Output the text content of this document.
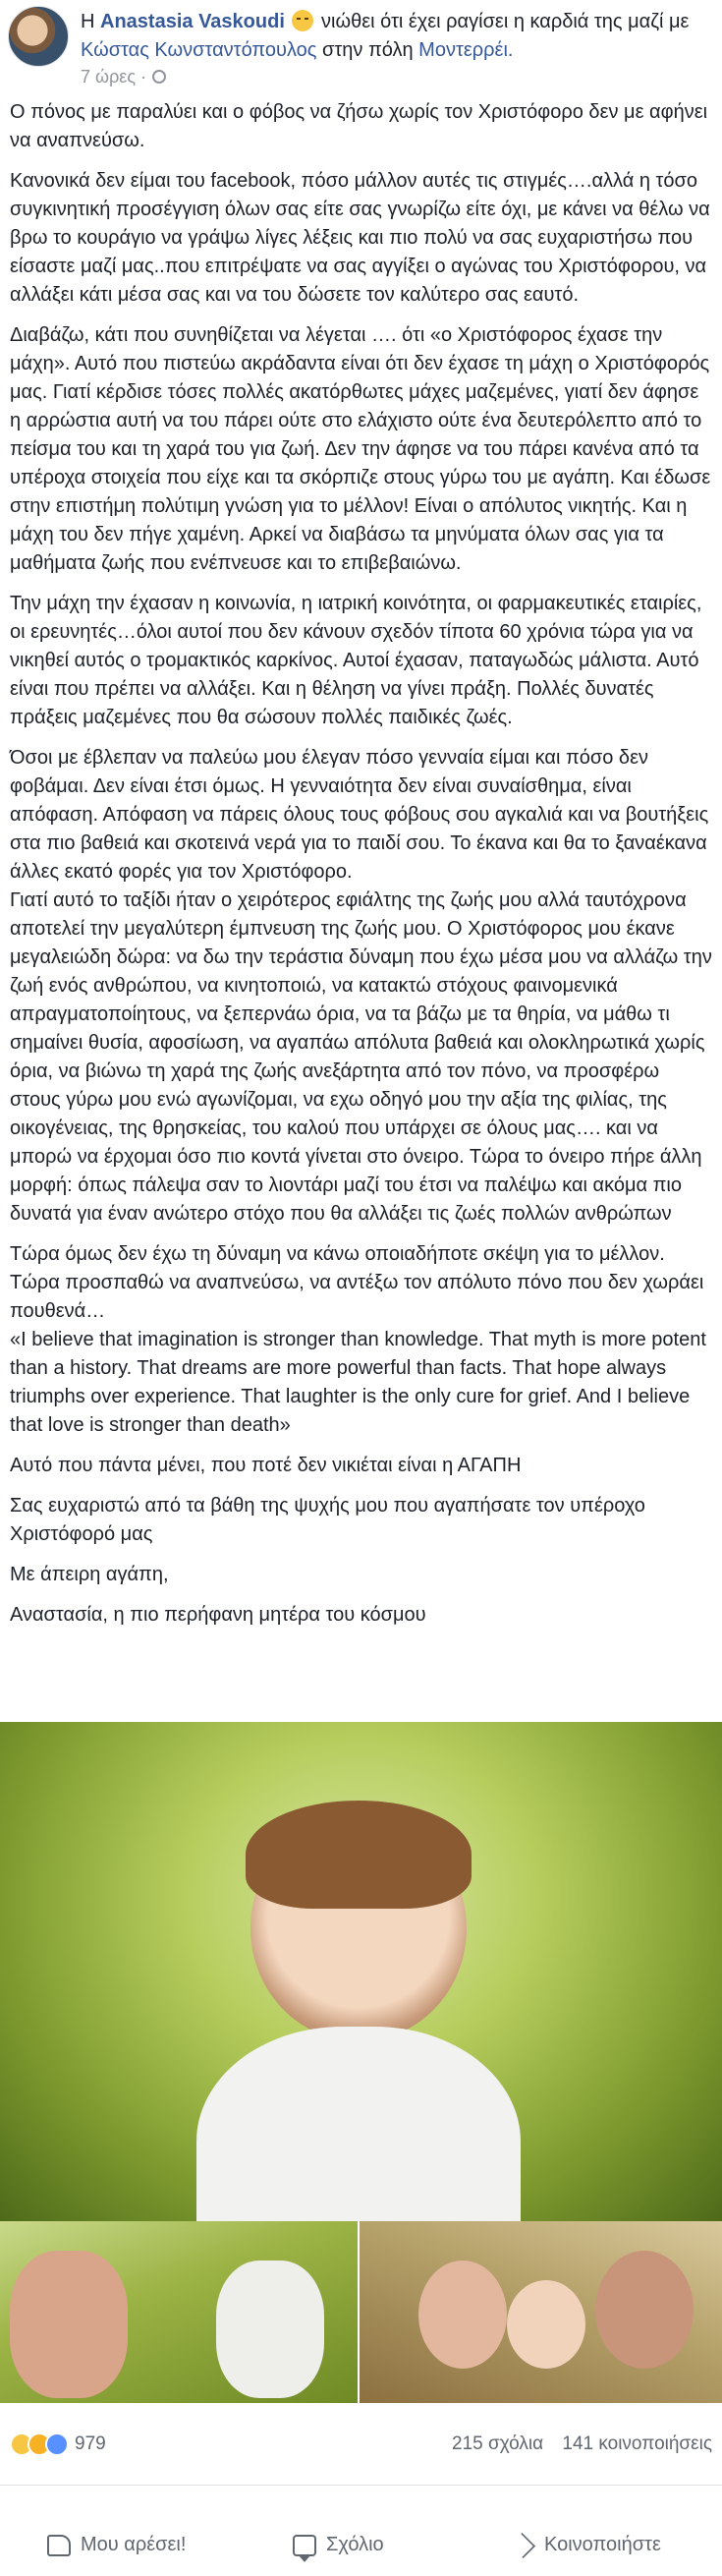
Η Anastasia Vaskoudi νιώθει ότι έχει ραγίσει η καρδιά της μαζί με Κώστας Κωνσταντόπουλος στην πόλη Μοντερρέι.
7 ώρες ·

Ο πόνος με παραλύει και ο φόβος να ζήσω χωρίς τον Χριστόφορο δεν με αφήνει να αναπνεύσω.

Κανονικά δεν είμαι του facebook, πόσο μάλλον αυτές τις στιγμές….αλλά η τόσο συγκινητική προσέγγιση όλων σας είτε σας γνωρίζω είτε όχι, με κάνει να θέλω να βρω το κουράγιο να γράψω λίγες λέξεις και πιο πολύ να σας ευχαριστήσω που είσαστε μαζί μας..που επιτρέψατε να σας αγγίξει ο αγώνας του Χριστόφορου, να αλλάξει κάτι μέσα σας και να του δώσετε τον καλύτερο σας εαυτό.

Διαβάζω, κάτι που συνηθίζεται να λέγεται …. ότι «ο Χριστόφορος έχασε την μάχη». Αυτό που πιστεύω ακράδαντα είναι ότι δεν έχασε τη μάχη ο Χριστόφορός μας. Γιατί κέρδισε τόσες πολλές ακατόρθωτες μάχες μαζεμένες, γιατί δεν άφησε η αρρώστια αυτή να του πάρει ούτε στο ελάχιστο ούτε ένα δευτερόλεπτο από το πείσμα του και τη χαρά του για ζωή. Δεν την άφησε να του πάρει κανένα από τα υπέροχα στοιχεία που είχε και τα σκόρπιζε στους γύρω του με αγάπη. Και έδωσε στην επιστήμη πολύτιμη γνώση για το μέλλον! Είναι ο απόλυτος νικητής. Και η μάχη του δεν πήγε χαμένη. Αρκεί να διαβάσω τα μηνύματα όλων σας για τα μαθήματα ζωής που ενέπνευσε και το επιβεβαιώνω.

Την μάχη την έχασαν η κοινωνία, η ιατρική κοινότητα, οι φαρμακευτικές εταιρίες, οι ερευνητές…όλοι αυτοί που δεν κάνουν σχεδόν τίποτα 60 χρόνια τώρα για να νικηθεί αυτός ο τρομακτικός καρκίνος. Αυτοί έχασαν, παταγωδώς μάλιστα. Αυτό είναι που πρέπει να αλλάξει. Και η θέληση να γίνει πράξη. Πολλές δυνατές πράξεις μαζεμένες που θα σώσουν πολλές παιδικές ζωές.

Όσοι με έβλεπαν να παλεύω μου έλεγαν πόσο γενναία είμαι και πόσο δεν φοβάμαι. Δεν είναι έτσι όμως. Η γενναιότητα δεν είναι συναίσθημα, είναι απόφαση. Απόφαση να πάρεις όλους τους φόβους σου αγκαλιά και να βουτήξεις στα πιο βαθειά και σκοτεινά νερά για το παιδί σου. Το έκανα και θα το ξαναέκανα άλλες εκατό φορές για τον Χριστόφορο.
Γιατί αυτό το ταξίδι ήταν ο χειρότερος εφιάλτης της ζωής μου αλλά ταυτόχρονα αποτελεί την μεγαλύτερη έμπνευση της ζωής μου. Ο Χριστόφορος μου έκανε μεγαλειώδη δώρα: να δω την τεράστια δύναμη που έχω μέσα μου να αλλάζω την ζωή ενός ανθρώπου, να κινητοποιώ, να κατακτώ στόχους φαινομενικά απραγματοποίητους, να ξεπερνάω όρια, να τα βάζω με τα θηρία, να μάθω τι σημαίνει θυσία, αφοσίωση, να αγαπάω απόλυτα βαθειά και ολοκληρωτικά χωρίς όρια, να βιώνω τη χαρά της ζωής ανεξάρτητα από τον πόνο, να προσφέρω στους γύρω μου ενώ αγωνίζομαι, να εχω οδηγό μου την αξία της φιλίας, της οικογένειας, της θρησκείας, του καλού που υπάρχει σε όλους μας…. και να μπορώ να έρχομαι όσο πιο κοντά γίνεται στο όνειρο. Τώρα το όνειρο πήρε άλλη μορφή: όπως πάλεψα σαν το λιοντάρι μαζί του έτσι να παλέψω και ακόμα πιο δυνατά για έναν ανώτερο στόχο που θα αλλάξει τις ζωές πολλών ανθρώπων

Τώρα όμως δεν έχω τη δύναμη να κάνω οποιαδήποτε σκέψη για το μέλλον. Τώρα προσπαθώ να αναπνεύσω, να αντέξω τον απόλυτο πόνο που δεν χωράει πουθενά…
«I believe that imagination is stronger than knowledge. That myth is more potent than a history. That dreams are more powerful than facts. That hope always triumphs over experience. That laughter is the only cure for grief. And I believe that love is stronger than death»

Αυτό που πάντα μένει, που ποτέ δεν νικιέται είναι η ΑΓΑΠΗ

Σας ευχαριστώ από τα βάθη της ψυχής μου που αγαπήσατε τον υπέροχο Χριστόφορό μας

Με άπειρη αγάπη,

Αναστασία, η πιο περήφανη μητέρα του κόσμου

979	215 σχόλια 141 κοινοποιήσεις
Μου αρέσει!	Σχόλιο	Κοινοποιήστε
